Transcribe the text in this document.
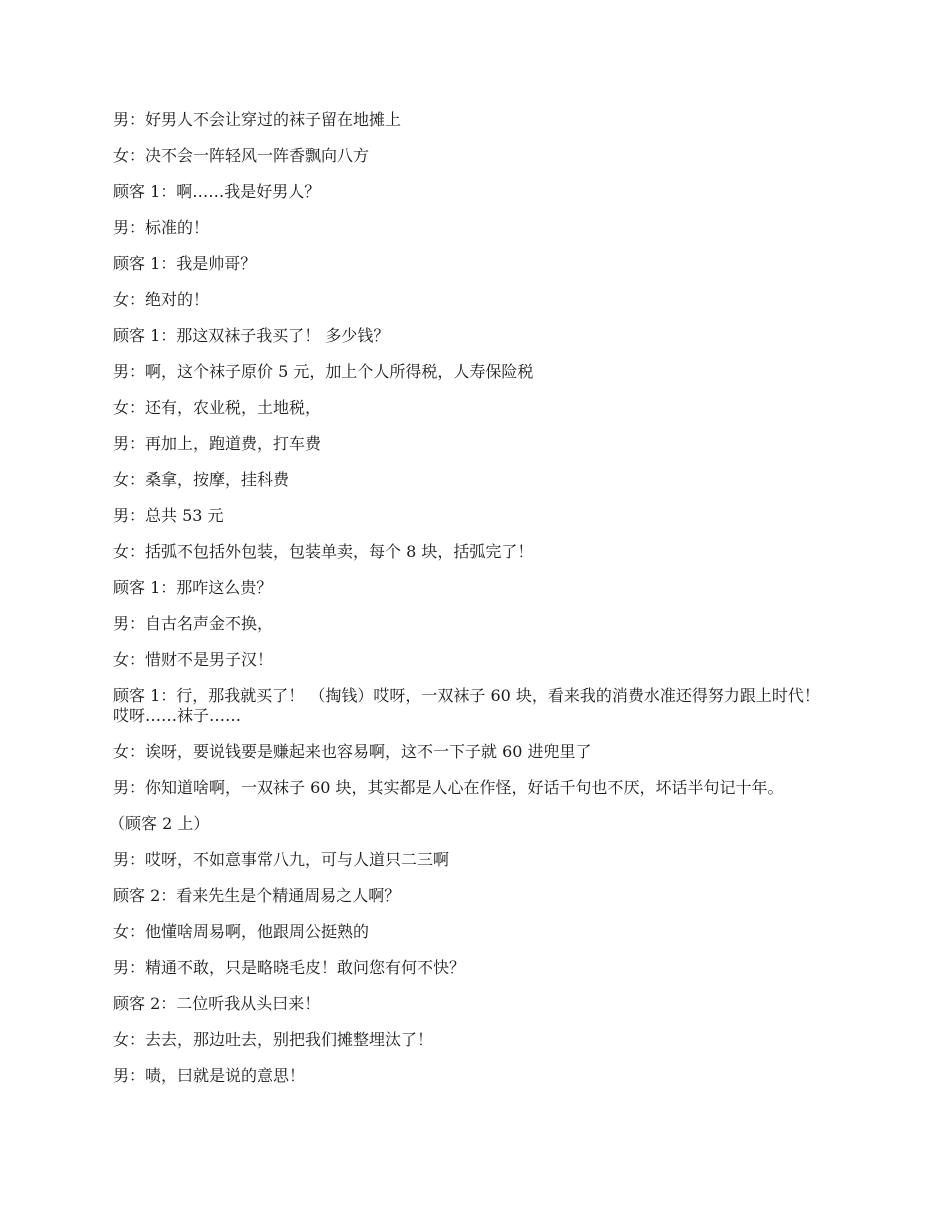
男：好男人不会让穿过的袜子留在地摊上

女：决不会一阵轻风一阵香飘向八方

顾客 1：啊……我是好男人？

男：标准的！

顾客 1：我是帅哥？

女：绝对的！

顾客 1：那这双袜子我买了！ 多少钱？

男：啊，这个袜子原价 5 元，加上个人所得税，人寿保险税

女：还有，农业税，土地税，

男：再加上，跑道费，打车费

女：桑拿，按摩，挂科费

男：总共 53 元

女：括弧不包括外包装，包装单卖，每个 8 块，括弧完了！

顾客 1：那咋这么贵？

男：自古名声金不换，

女：惜财不是男子汉！

顾客 1：行，那我就买了！ （掏钱）哎呀，一双袜子 60 块，看来我的消费水准还得努力跟上时代！哎呀……袜子……

女：诶呀，要说钱要是赚起来也容易啊，这不一下子就 60 进兜里了

男：你知道啥啊，一双袜子 60 块，其实都是人心在作怪，好话千句也不厌，坏话半句记十年。

（顾客 2 上）

男：哎呀，不如意事常八九，可与人道只二三啊

顾客 2：看来先生是个精通周易之人啊？

女：他懂啥周易啊，他跟周公挺熟的

男：精通不敢，只是略晓毛皮！敢问您有何不快？

顾客 2：二位听我从头曰来！

女：去去，那边吐去，别把我们摊整埋汰了！

男：啧，曰就是说的意思！
